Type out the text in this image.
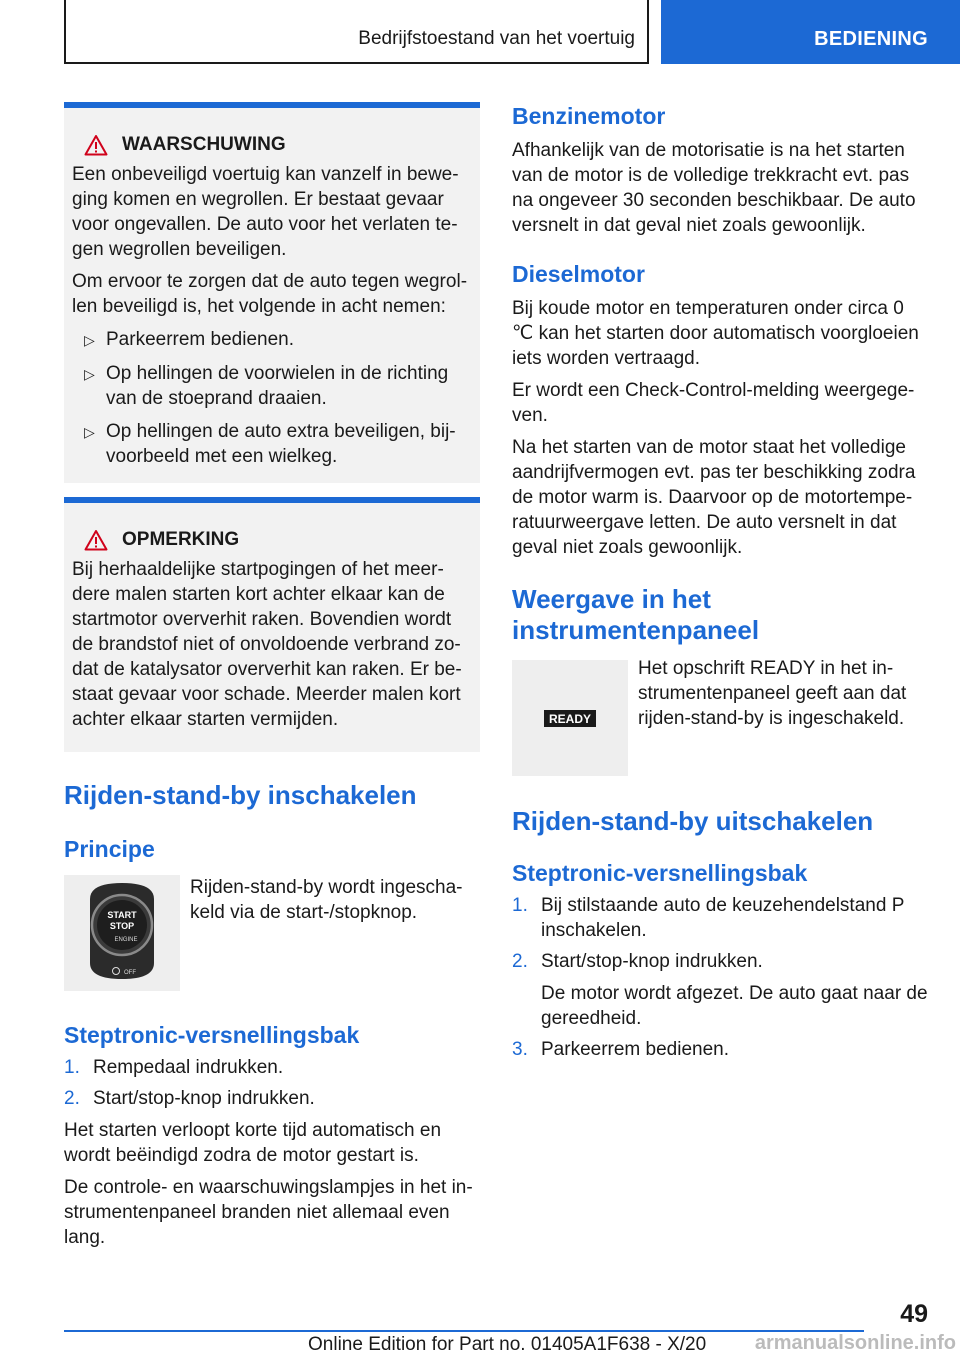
Bedrijfstoestand van het voertuig	BEDIENING
WAARSCHUWING

Een onbeveiligd voertuig kan vanzelf in beweging komen en wegrollen. Er bestaat gevaar voor ongevallen. De auto voor het verlaten tegen wegrollen beveiligen.

Om ervoor te zorgen dat de auto tegen wegrollen beveiligd is, het volgende in acht nemen:

▷ Parkeerrem bedienen.
▷ Op hellingen de voorwielen in de richting van de stoeprand draaien.
▷ Op hellingen de auto extra beveiligen, bijvoorbeeld met een wielkeg.
OPMERKING

Bij herhaaldelijke startpogingen of het meerdere malen starten kort achter elkaar kan de startmotor oververhit raken. Bovendien wordt de brandstof niet of onvoldoende verbrand zodat de katalysator oververhit kan raken. Er bestaat gevaar voor schade. Meerder malen kort achter elkaar starten vermijden.

Rijden-stand-by inschakelen
Principe
START
STOP
ENGINE
OFF
Rijden-stand-by wordt ingeschakeld via de start-/stopknop.
Steptronic-versnellingsbak
1. Rempedaal indrukken.
2. Start/stop-knop indrukken.

Het starten verloopt korte tijd automatisch en wordt beëindigd zodra de motor gestart is.

De controle- en waarschuwingslampjes in het instrumentenpaneel branden niet allemaal even lang.

Benzinemotor

Afhankelijk van de motorisatie is na het starten van de motor is de volledige trekkracht evt. pas na ongeveer 30 seconden beschikbaar. De auto versnelt in dat geval niet zoals gewoonlijk.

Dieselmotor

Bij koude motor en temperaturen onder circa 0 ℃ kan het starten door automatisch voorgloeien iets worden vertraagd.

Er wordt een Check-Control-melding weergegeven.

Na het starten van de motor staat het volledige aandrijfvermogen evt. pas ter beschikking zodra de motor warm is. Daarvoor op de motortemperatuurweergave letten. De auto versnelt in dat geval niet zoals gewoonlijk.

Weergave in het instrumentenpaneel
READY
Het opschrift READY in het instrumentenpaneel geeft aan dat rijden-stand-by is ingeschakeld.
Rijden-stand-by uitschakelen
Steptronic-versnellingsbak
1. Bij stilstaande auto de keuzehendelstand P inschakelen.
2. Start/stop-knop indrukken.
De motor wordt afgezet. De auto gaat naar de gereedheid.
3. Parkeerrem bedienen.
49
Online Edition for Part no. 01405A1F638 - X/20 armanualsonline.info
